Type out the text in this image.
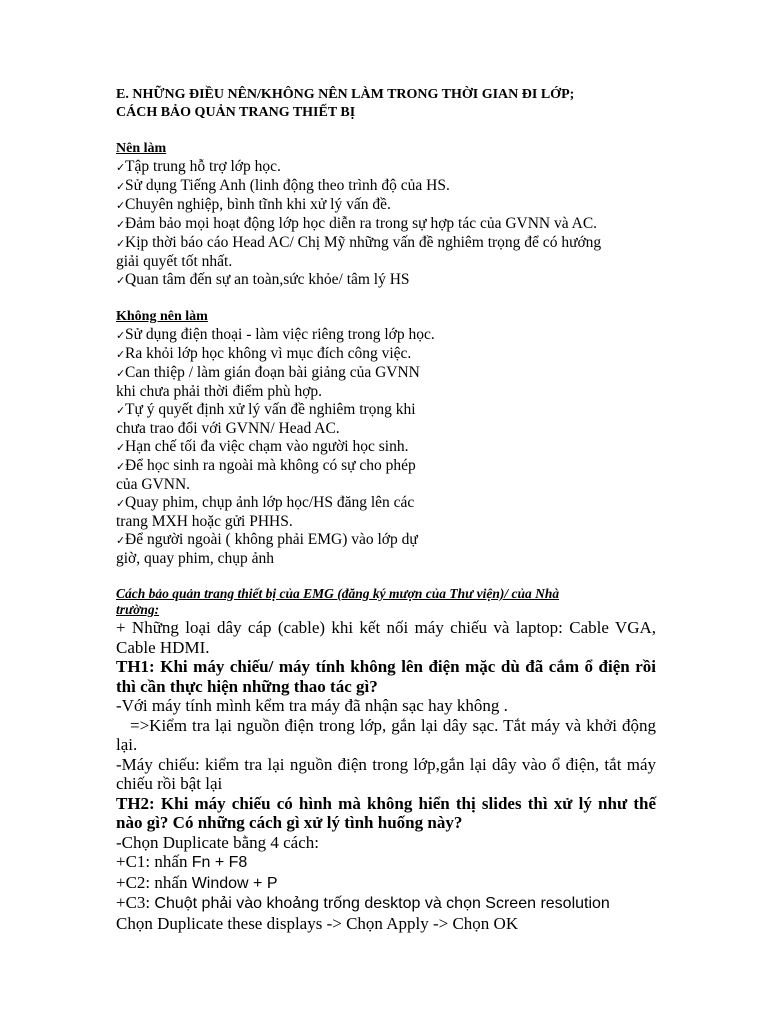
E. NHỮNG ĐIỀU NÊN/KHÔNG NÊN LÀM TRONG THỜI GIAN ĐI LỚP;
CÁCH BẢO QUẢN TRANG THIẾT BỊ
Nên làm
✓Tập trung hỗ trợ lớp học.
✓Sử dụng Tiếng Anh (linh động theo trình độ của HS.
✓Chuyên nghiệp, bình tĩnh khi xử lý vấn đề.
✓Đảm bảo mọi hoạt động lớp học diễn ra trong sự hợp tác của GVNN và AC.
✓Kịp thời báo cáo Head AC/ Chị Mỹ những vấn đề nghiêm trọng để có hướng
giải quyết tốt nhất.
✓Quan tâm đến sự an toàn,sức khỏe/ tâm lý HS
Không nên làm
✓Sử dụng điện thoại - làm việc riêng trong lớp học.
✓Ra khỏi lớp học không vì mục đích công việc.
✓Can thiệp / làm gián đoạn bài giảng của GVNN
khi chưa phải thời điểm phù hợp.
✓Tự ý quyết định xử lý vấn đề nghiêm trọng khi
chưa trao đổi với GVNN/ Head AC.
✓Hạn chế tối đa việc chạm vào người học sinh.
✓Để học sinh ra ngoài mà không có sự cho phép
của GVNN.
✓Quay phim, chụp ảnh lớp học/HS đăng lên các
trang MXH hoặc gửi PHHS.
✓Để người ngoài ( không phải EMG) vào lớp dự
giờ, quay phim, chụp ảnh
Cách bảo quản trang thiết bị của EMG (đăng ký mượn của Thư viện)/ của Nhà
trường:
+ Những loại dây cáp (cable) khi kết nối máy chiếu và laptop: Cable VGA, Cable HDMI.
TH1: Khi máy chiếu/ máy tính không lên điện mặc dù đã cắm ổ điện rồi thì cần thực hiện những thao tác gì?
-Với máy tính mình kểm tra máy đã nhận sạc hay không .
=>Kiểm tra lại nguồn điện trong lớp, gắn lại dây sạc. Tắt máy và khởi động lại.
-Máy chiếu: kiểm tra lại nguồn điện trong lớp,gắn lại dây vào ổ điện, tắt máy   chiếu rồi bật lại
TH2: Khi máy chiếu có hình mà không hiển thị slides thì xử lý như thế nào gì? Có những cách gì xử lý tình huống này?
-Chọn Duplicate bằng 4 cách:
+C1: nhấn Fn + F8
+C2: nhấn Window + P
+C3: Chuột phải vào khoảng trống desktop và chọn Screen resolution
Chọn Duplicate these displays -> Chọn Apply -> Chọn OK
